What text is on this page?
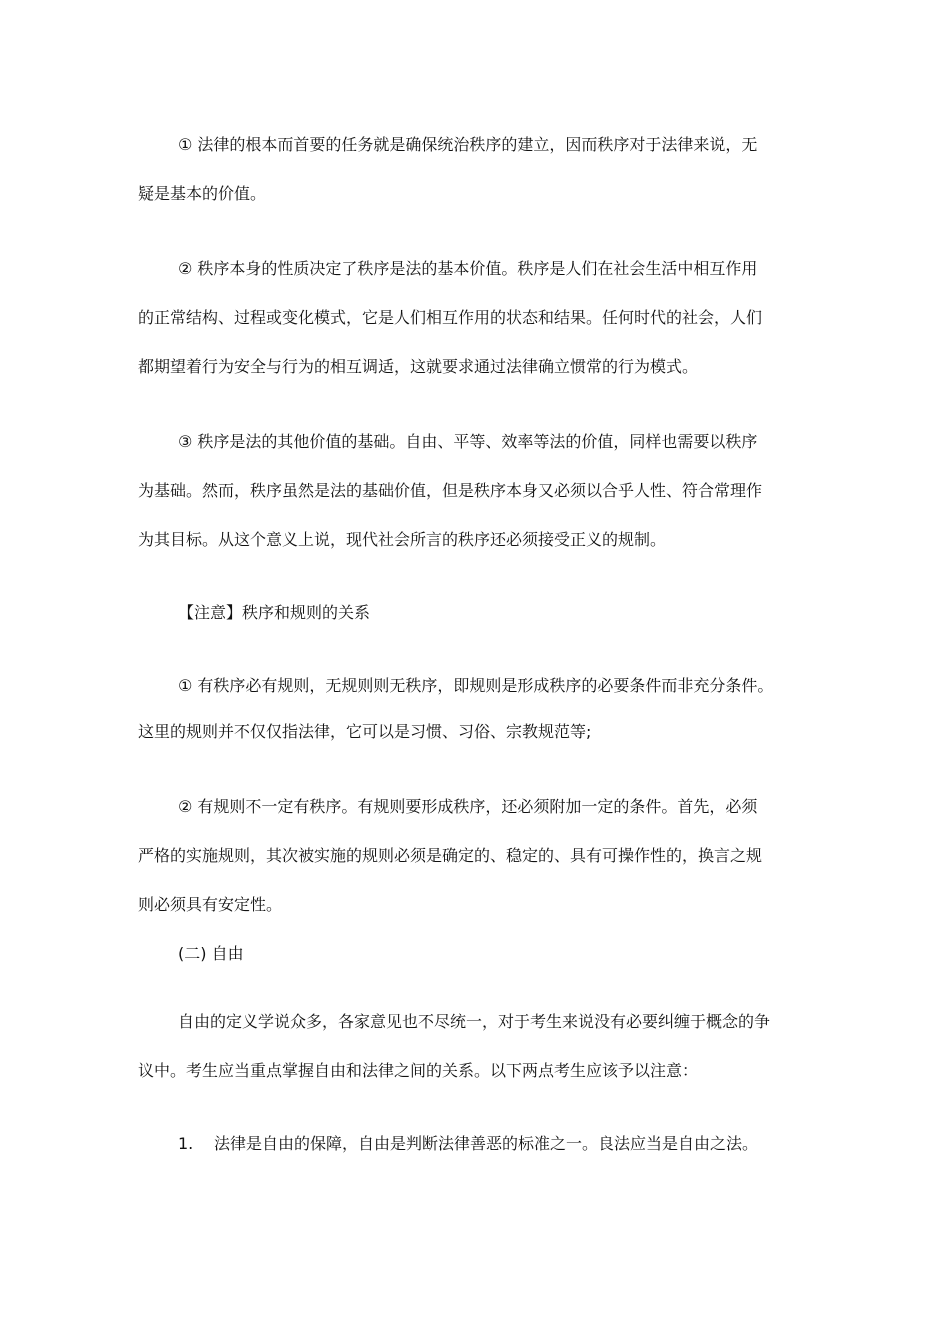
① 法律的根本而首要的任务就是确保统治秩序的建立，因而秩序对于法律来说，无
疑是基本的价值。
② 秩序本身的性质决定了秩序是法的基本价值。秩序是人们在社会生活中相互作用
的正常结构、过程或变化模式，它是人们相互作用的状态和结果。任何时代的社会，人们
都期望着行为安全与行为的相互调适，这就要求通过法律确立惯常的行为模式。
③ 秩序是法的其他价值的基础。自由、平等、效率等法的价值，同样也需要以秩序
为基础。然而，秩序虽然是法的基础价值，但是秩序本身又必须以合乎人性、符合常理作
为其目标。从这个意义上说，现代社会所言的秩序还必须接受正义的规制。
【注意】秩序和规则的关系
① 有秩序必有规则，无规则则无秩序，即规则是形成秩序的必要条件而非充分条件。
这里的规则并不仅仅指法律，它可以是习惯、习俗、宗教规范等;
② 有规则不一定有秩序。有规则要形成秩序，还必须附加一定的条件。首先，必须
严格的实施规则，其次被实施的规则必须是确定的、稳定的、具有可操作性的，换言之规
则必须具有安定性。
(二) 自由
自由的定义学说众多，各家意见也不尽统一，对于考生来说没有必要纠缠于概念的争
议中。考生应当重点掌握自由和法律之间的关系。以下两点考生应该予以注意：
1. 法律是自由的保障，自由是判断法律善恶的标准之一。良法应当是自由之法。
